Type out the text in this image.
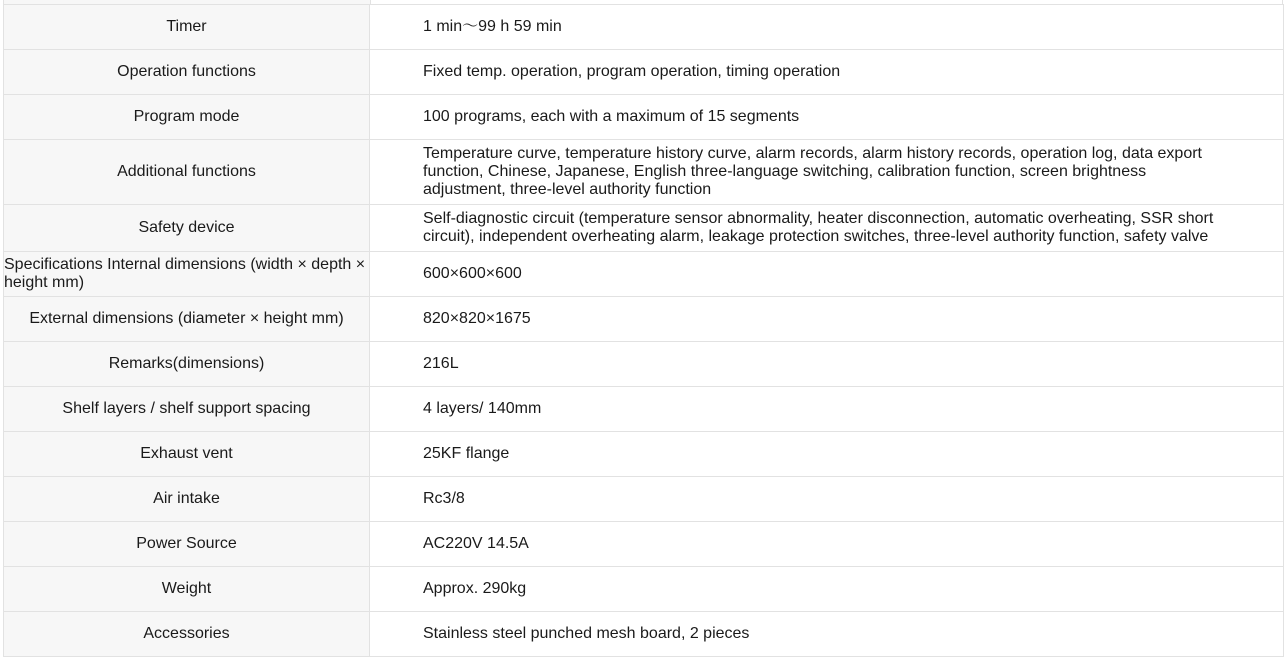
Timer	1 min～99 h 59 min
Operation functions	Fixed temp. operation, program operation, timing operation
Program mode	100 programs, each with a maximum of 15 segments
Additional functions	Temperature curve, temperature history curve, alarm records, alarm history records, operation log, data export function, Chinese, Japanese, English three-language switching, calibration function, screen brightness adjustment, three-level authority function
Safety device	Self-diagnostic circuit (temperature sensor abnormality, heater disconnection, automatic overheating, SSR short circuit), independent overheating alarm, leakage protection switches, three-level authority function, safety valve
Specifications Internal dimensions (width × depth × height mm)	600×600×600
External dimensions (diameter × height mm)	820×820×1675
Remarks(dimensions)	216L
Shelf layers / shelf support spacing	4 layers/ 140mm
Exhaust vent	25KF flange
Air intake	Rc3/8
Power Source	AC220V 14.5A
Weight	Approx. 290kg
Accessories	Stainless steel punched mesh board, 2 pieces
